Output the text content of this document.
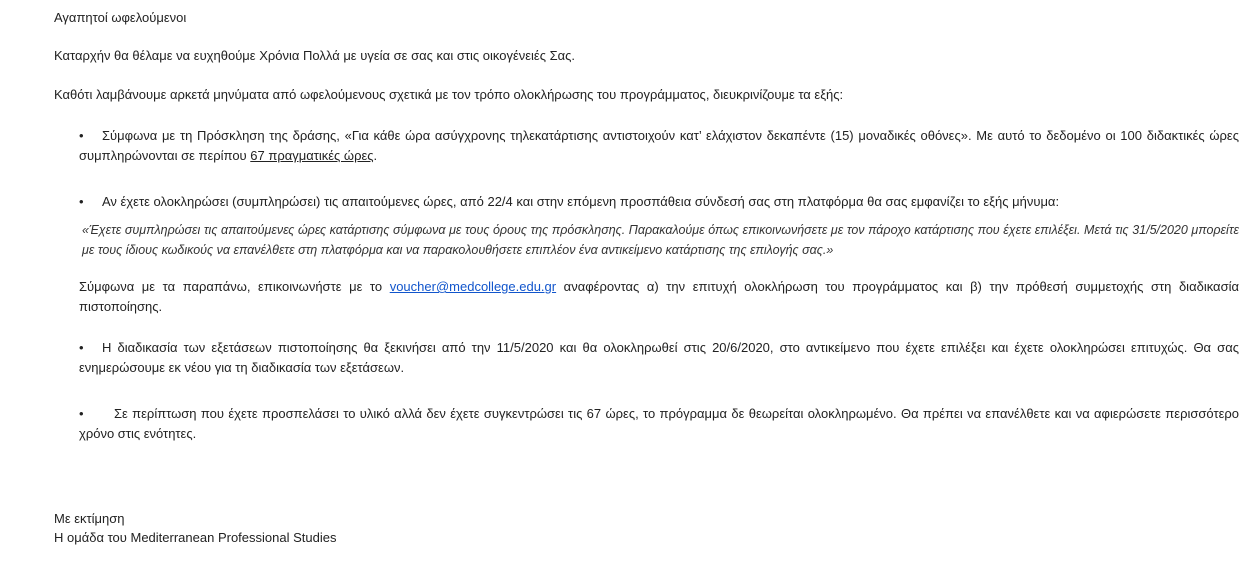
Αγαπητοί ωφελούμενοι

Καταρχήν θα θέλαμε να ευχηθούμε Χρόνια Πολλά με υγεία σε σας και στις οικογένειές Σας.

Καθότι λαμβάνουμε αρκετά μηνύματα από ωφελούμενους σχετικά με τον τρόπο ολοκλήρωσης του προγράμματος, διευκρινίζουμε τα εξής:

•	Σύμφωνα με τη Πρόσκληση της δράσης, «Για κάθε ώρα ασύγχρονης τηλεκατάρτισης αντιστοιχούν κατ’ ελάχιστον δεκαπέντε (15) μοναδικές οθόνες». Με αυτό το δεδομένο οι 100 διδακτικές ώρες συμπληρώνονται σε περίπου 67 πραγματικές ώρες.

• Αν έχετε ολοκληρώσει (συμπληρώσει) τις απαιτούμενες ώρες, από 22/4 και στην επόμενη προσπάθεια σύνδεσή σας στη πλατφόρμα θα σας εμφανίζει το εξής μήνυμα:

«Έχετε συμπληρώσει τις απαιτούμενες ώρες κατάρτισης σύμφωνα με τους όρους της πρόσκλησης. Παρακαλούμε όπως επικοινωνήσετε με τον πάροχο κατάρτισης που έχετε επιλέξει. Μετά τις 31/5/2020 μπορείτε με τους ίδιους κωδικούς να επανέλθετε στη πλατφόρμα και να παρακολουθήσετε επιπλέον ένα αντικείμενο κατάρτισης της επιλογής σας.»

Σύμφωνα με τα παραπάνω, επικοινωνήστε με το voucher@medcollege.edu.gr αναφέροντας α) την επιτυχή ολοκλήρωση του προγράμματος και β) την πρόθεσή συμμετοχής στη διαδικασία πιστοποίησης.

•	Η διαδικασία των εξετάσεων πιστοποίησης θα ξεκινήσει από την 11/5/2020 και θα ολοκληρωθεί στις 20/6/2020, στο αντικείμενο που έχετε επιλέξει και έχετε ολοκληρώσει επιτυχώς. Θα σας ενημερώσουμε εκ νέου για τη διαδικασία των εξετάσεων.

•	Σε περίπτωση που έχετε προσπελάσει το υλικό αλλά δεν έχετε συγκεντρώσει τις 67 ώρες, το πρόγραμμα δε θεωρείται ολοκληρωμένο. Θα πρέπει να επανέλθετε και να αφιερώσετε περισσότερο χρόνο στις ενότητες.

Με εκτίμηση

Η ομάδα του Mediterranean Professional Studies
